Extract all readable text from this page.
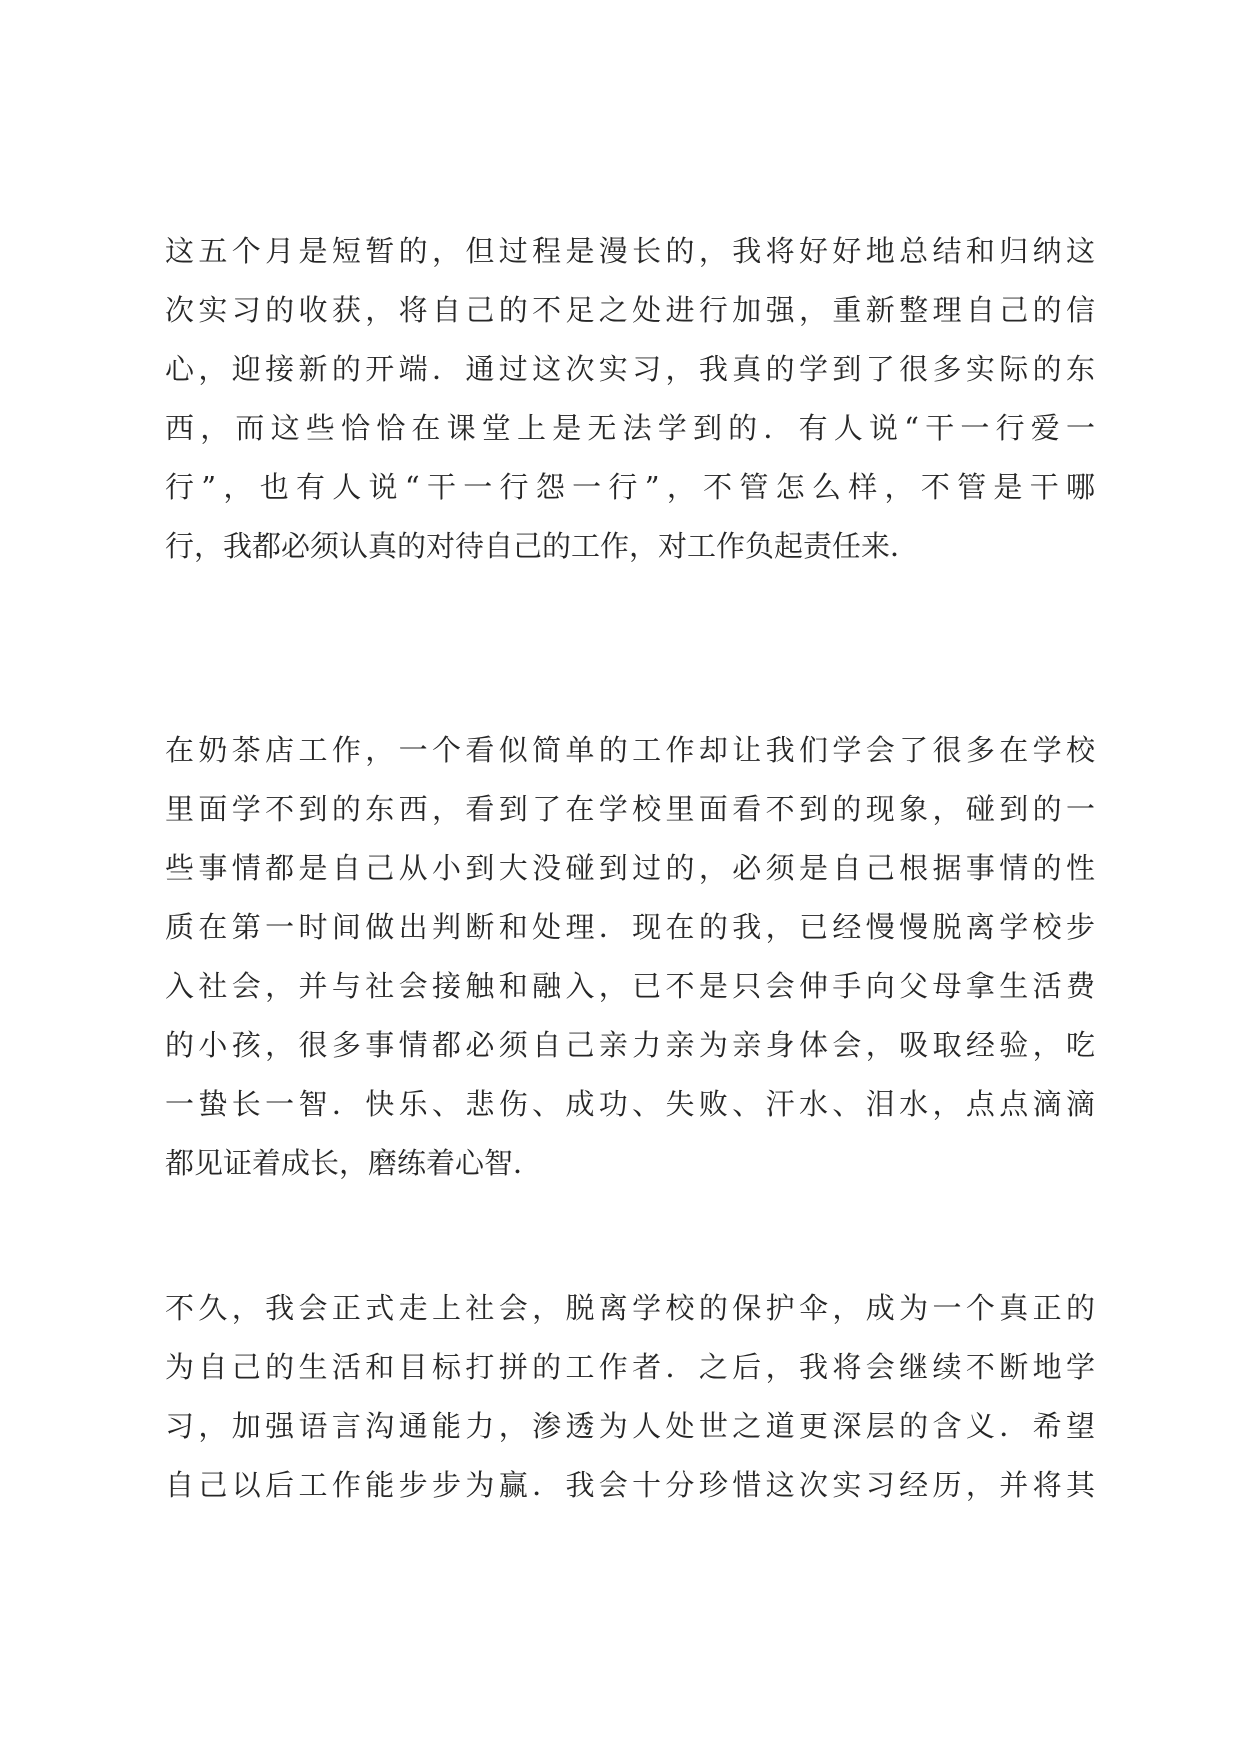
这五个月是短暂的，但过程是漫长的，我将好好地总结和归纳这
次实习的收获，将自己的不足之处进行加强，重新整理自己的信
心，迎接新的开端．通过这次实习，我真的学到了很多实际的东
西，而这些恰恰在课堂上是无法学到的．有人说“干一行爱一
行”，也有人说“干一行怨一行”，不管怎么样，不管是干哪
行，我都必须认真的对待自己的工作，对工作负起责任来．
在奶茶店工作，一个看似简单的工作却让我们学会了很多在学校
里面学不到的东西，看到了在学校里面看不到的现象，碰到的一
些事情都是自己从小到大没碰到过的，必须是自己根据事情的性
质在第一时间做出判断和处理．现在的我，已经慢慢脱离学校步
入社会，并与社会接触和融入，已不是只会伸手向父母拿生活费
的小孩，很多事情都必须自己亲力亲为亲身体会，吸取经验，吃
一蛰长一智．快乐、悲伤、成功、失败、汗水、泪水，点点滴滴
都见证着成长，磨练着心智．
不久，我会正式走上社会，脱离学校的保护伞，成为一个真正的
为自己的生活和目标打拼的工作者．之后，我将会继续不断地学
习，加强语言沟通能力，渗透为人处世之道更深层的含义．希望
自己以后工作能步步为赢．我会十分珍惜这次实习经历，并将其
